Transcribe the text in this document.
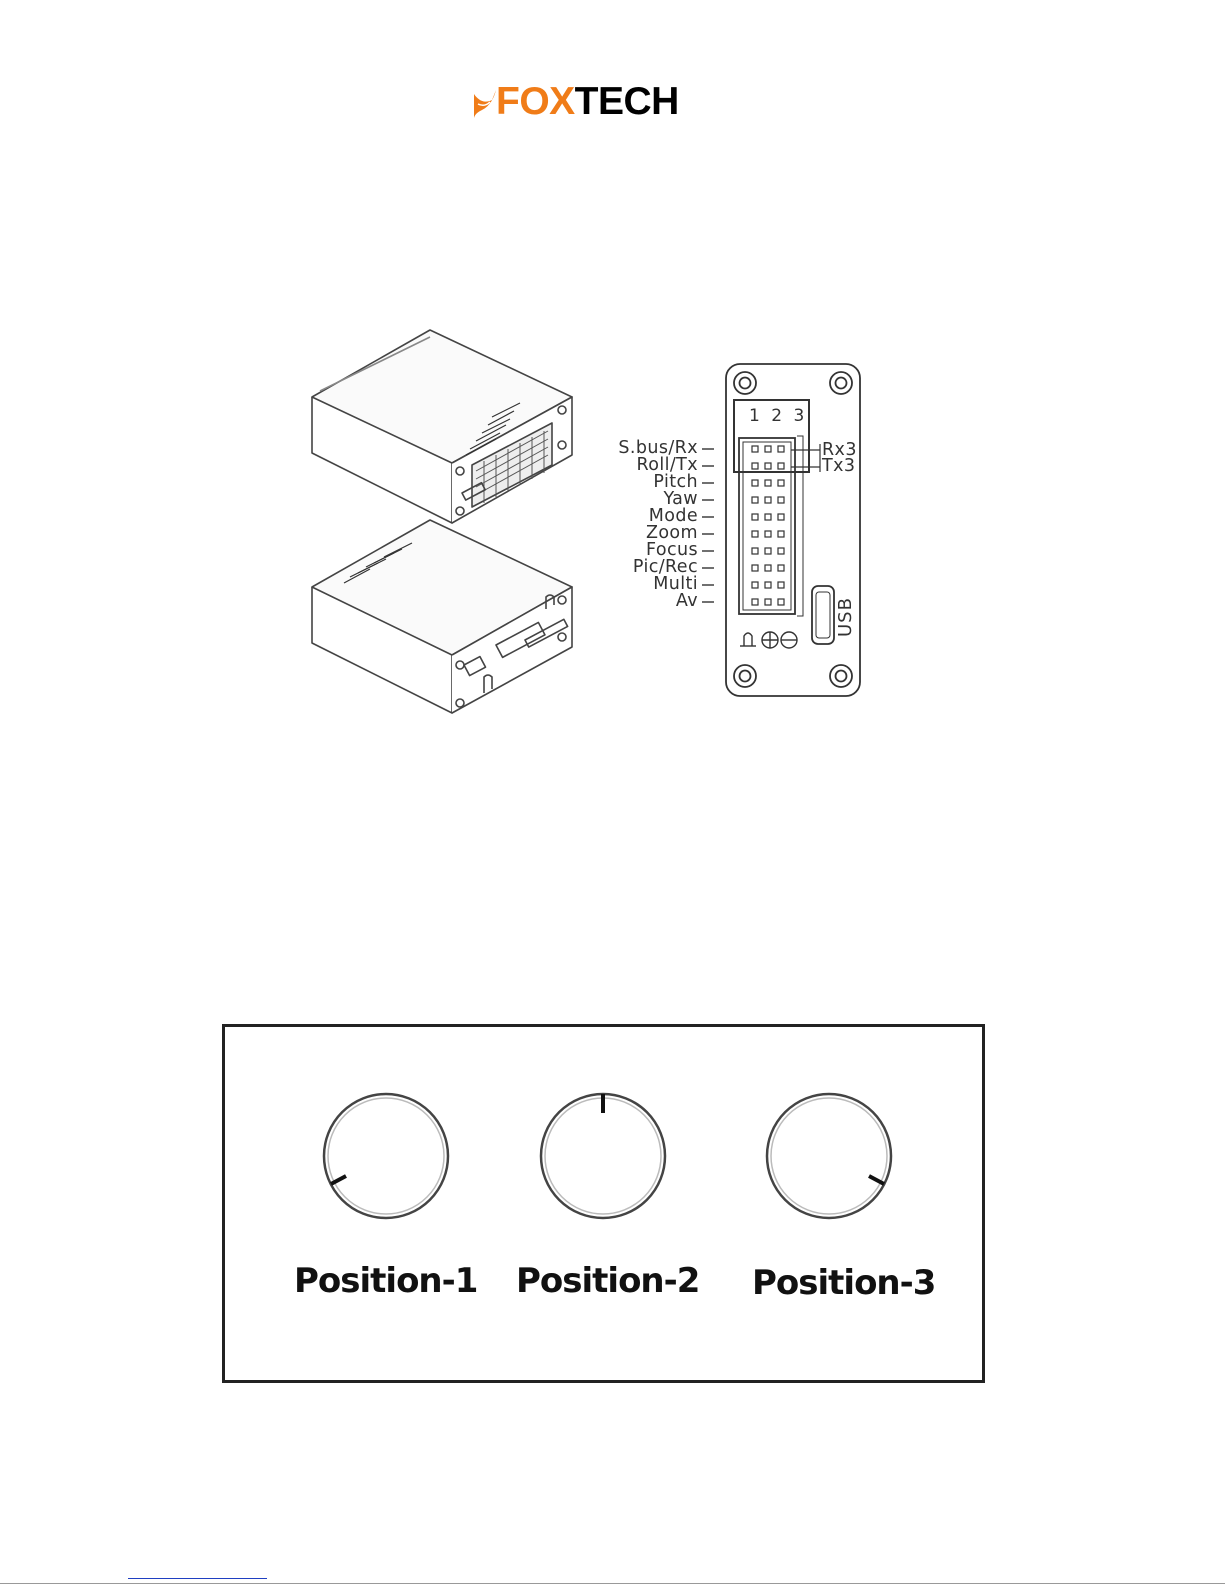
FOXTECH
1 2 3
S.bus/Rx
Roll/Tx
Pitch
Yaw
Mode
Zoom
Focus
Pic/Rec
Multi
Av
Rx3
Tx3
USB
Position-1 Position-2 Position-3
